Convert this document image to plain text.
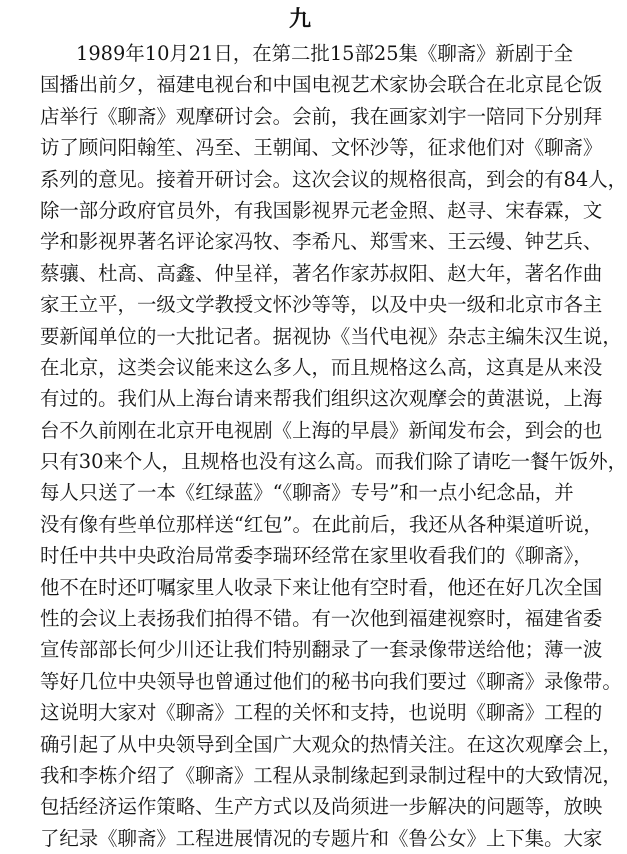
九
1989年10月21日，在第二批15部25集《聊斋》新剧于全
国播出前夕，福建电视台和中国电视艺术家协会联合在北京昆仑饭
店举行《聊斋》观摩研讨会。会前，我在画家刘宇一陪同下分别拜
访了顾问阳翰笙、冯至、王朝闻、文怀沙等，征求他们对《聊斋》
系列的意见。接着开研讨会。这次会议的规格很高，到会的有84人，
除一部分政府官员外，有我国影视界元老金照、赵寻、宋春霖，文
学和影视界著名评论家冯牧、李希凡、郑雪来、王云缦、钟艺兵、
蔡骧、杜高、高鑫、仲呈祥，著名作家苏叔阳、赵大年，著名作曲
家王立平，一级文学教授文怀沙等等，以及中央一级和北京市各主
要新闻单位的一大批记者。据视协《当代电视》杂志主编朱汉生说，
在北京，这类会议能来这么多人，而且规格这么高，这真是从来没
有过的。我们从上海台请来帮我们组织这次观摩会的黄湛说，上海
台不久前刚在北京开电视剧《上海的早晨》新闻发布会，到会的也
只有30来个人，且规格也没有这么高。而我们除了请吃一餐午饭外，
每人只送了一本《红绿蓝》“《聊斋》专号”和一点小纪念品，并
没有像有些单位那样送“红包”。在此前后，我还从各种渠道听说，
时任中共中央政治局常委李瑞环经常在家里收看我们的《聊斋》，
他不在时还叮嘱家里人收录下来让他有空时看，他还在好几次全国
性的会议上表扬我们拍得不错。有一次他到福建视察时，福建省委
宣传部部长何少川还让我们特别翻录了一套录像带送给他；薄一波
等好几位中央领导也曾通过他们的秘书向我们要过《聊斋》录像带。
这说明大家对《聊斋》工程的关怀和支持，也说明《聊斋》工程的
确引起了从中央领导到全国广大观众的热情关注。在这次观摩会上，
我和李栋介绍了《聊斋》工程从录制缘起到录制过程中的大致情况，
包括经济运作策略、生产方式以及尚须进一步解决的问题等，放映
了纪录《聊斋》工程进展情况的专题片和《鲁公女》上下集。大家
